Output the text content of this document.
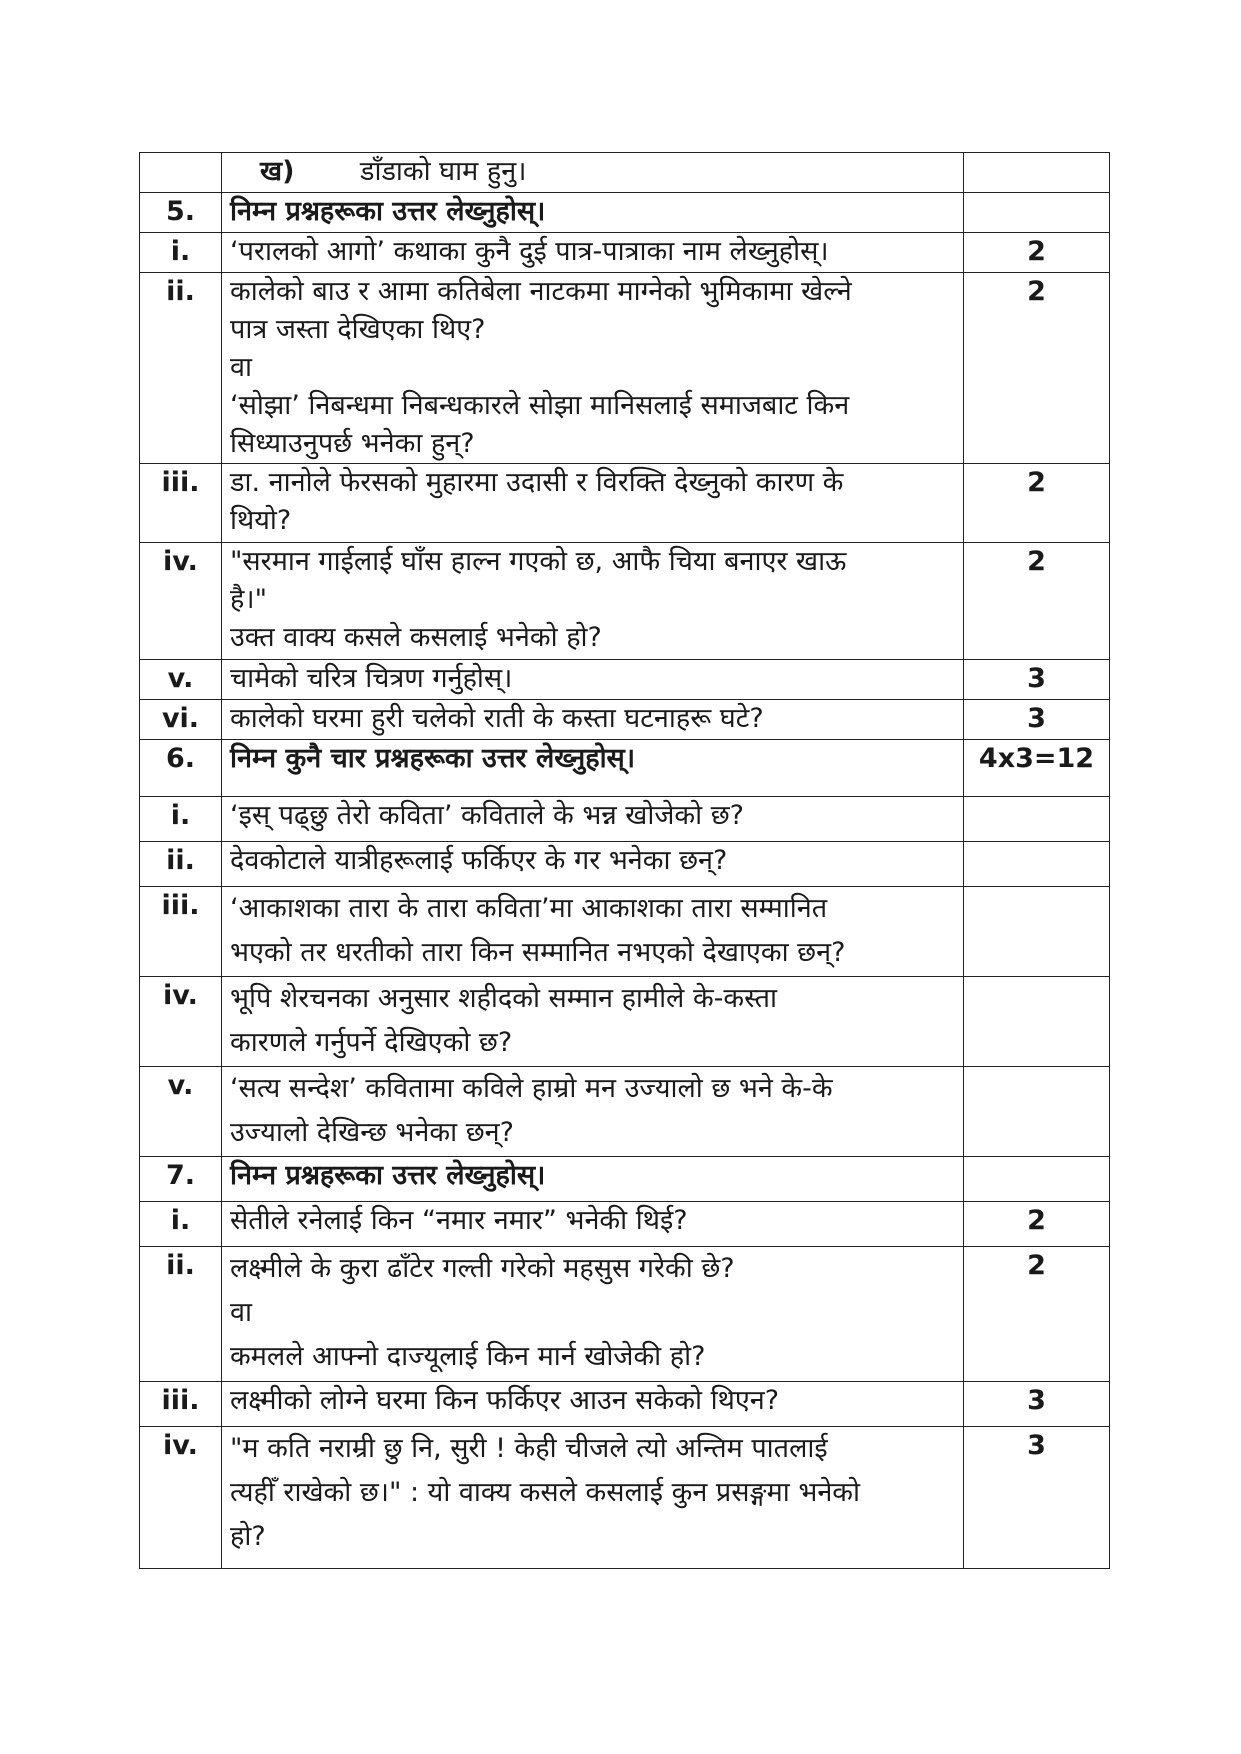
	ख) डाँडाको घाम हुनु।	

5.	निम्न प्रश्नहरूका उत्तर लेख्नुहोस्।	

i.	‘परालको आगो’ कथाका कुनै दुई पात्र-पात्राका नाम लेख्नुहोस्।	2
ii.	कालेको बाउ र आमा कतिबेला नाटकमा माग्नेको भुमिकामा खेल्ने
पात्र जस्ता देखिएका थिए?
वा
‘सोझा’ निबन्धमा निबन्धकारले सोझा मानिसलाई समाजबाट किन
सिध्याउनुपर्छ भनेका हुन्?	2
iii.	डा. नानोले फेरसको मुहारमा उदासी र विरक्ति देख्नुको कारण के
थियो?	2
iv.	"सरमान गाईलाई घाँस हाल्न गएको छ, आफै चिया बनाएर खाऊ
है।"
उक्त वाक्य कसले कसलाई भनेको हो?	2
v.	चामेको चरित्र चित्रण गर्नुहोस्।	3
vi.	कालेको घरमा हुरी चलेको राती के कस्ता घटनाहरू घटे?	3
6.	निम्न कुनै चार प्रश्नहरूका उत्तर लेख्नुहोस्।	4x3=12
i.	‘इस् पढ्छु तेरो कविता’ कविताले के भन्न खोजेको छ?	

ii.	देवकोटाले यात्रीहरूलाई फर्किएर के गर भनेका छन्?	

iii.	‘आकाशका तारा के तारा कविता’मा आकाशका तारा सम्मानित
भएको तर धरतीको तारा किन सम्मानित नभएको देखाएका छन्?	

iv.	भूपि शेरचनका अनुसार शहीदको सम्मान हामीले के-कस्ता
कारणले गर्नुपर्ने देखिएको छ?	

v.	‘सत्य सन्देश’ कवितामा कविले हाम्रो मन उज्यालो छ भने के-के
उज्यालो देखिन्छ भनेका छन्?	

7.	निम्न प्रश्नहरूका उत्तर लेख्नुहोस्।	

i.	सेतीले रनेलाई किन “नमार नमार” भनेकी थिई?	2
ii.	लक्ष्मीले के कुरा ढाँटेर गल्ती गरेको महसुस गरेकी छे?
वा
कमलले आफ्नो दाज्यूलाई किन मार्न खोजेकी हो?	2
iii.	लक्ष्मीको लोग्ने घरमा किन फर्किएर आउन सकेको थिएन?	3
iv.	"म कति नराम्री छु नि, सुरी ! केही चीजले त्यो अन्तिम पातलाई
त्यहीँ राखेको छ।" : यो वाक्य कसले कसलाई कुन प्रसङ्गमा भनेको
हो?	3
